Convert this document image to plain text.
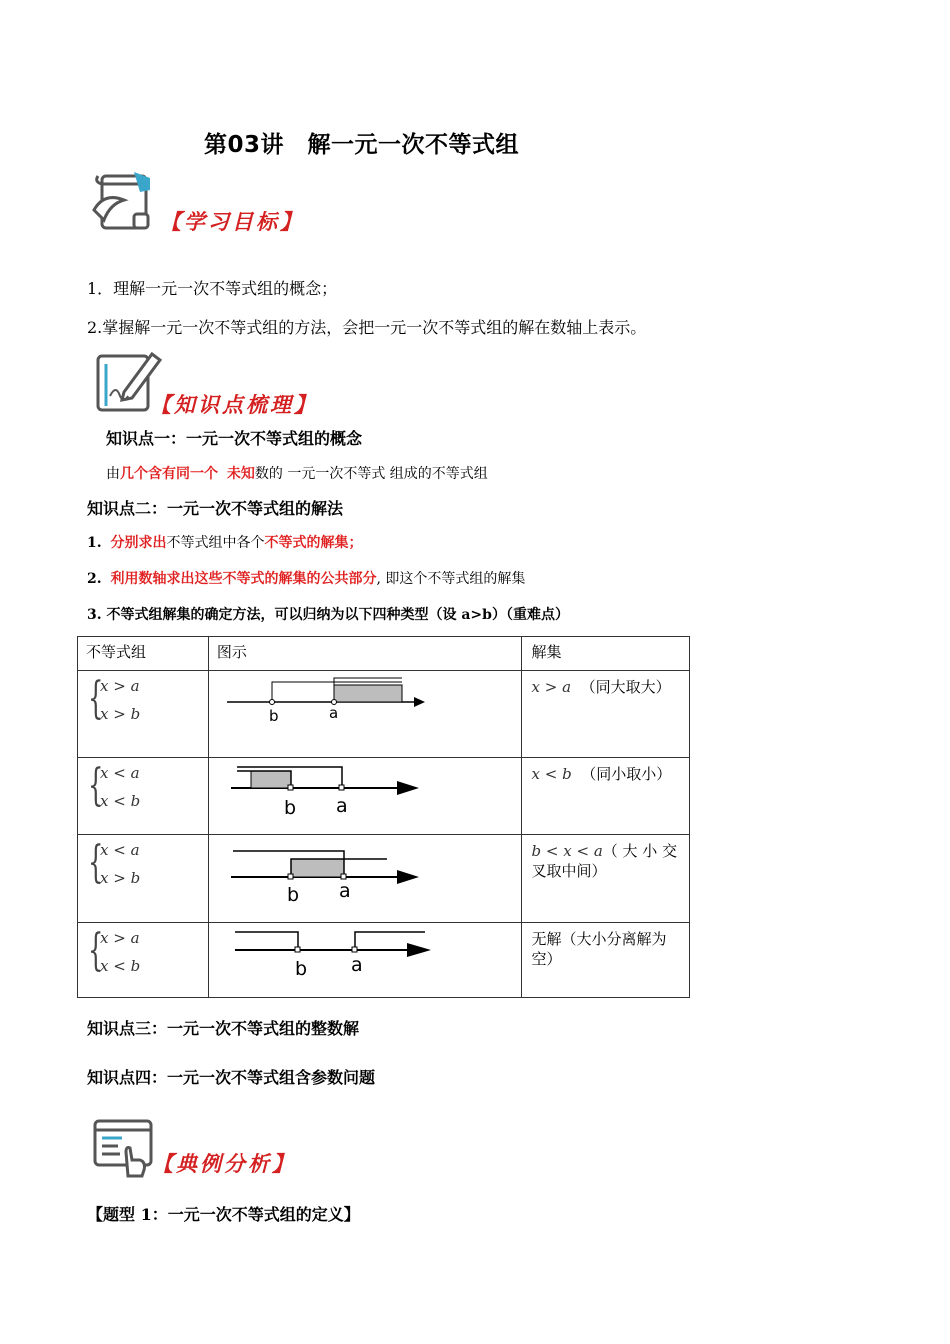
第03讲　解一元一次不等式组
【学习目标】
1．理解一元一次不等式组的概念；
2.掌握解一元一次不等式组的方法，会把一元一次不等式组的解在数轴上表示。
【知识点梳理】
知识点一：一元一次不等式组的概念
由几个含有同一个 未知数的 一元一次不等式 组成的不等式组
知识点二：一元一次不等式组的解法
1. 分别求出不等式组中各个不等式的解集；
2. 利用数轴求出这些不等式的解集的公共部分, 即这个不等式组的解集
3. 不等式组解集的确定方法，可以归纳为以下四种类型（设 a>b）（重难点）
不等式组	图示	解集

{
x > a
x > b	b a	x > a （同大取大）

{
x < a
x < b	b a	x < b （同小取小）

{
x < a
x > b	b a	b < x < a（ 大 小 交叉取中间）

{
x > a
x < b	b a	无解（大小分离解为空）
知识点三：一元一次不等式组的整数解
知识点四：一元一次不等式组含参数问题
【典例分析】
【题型 1：一元一次不等式组的定义】
